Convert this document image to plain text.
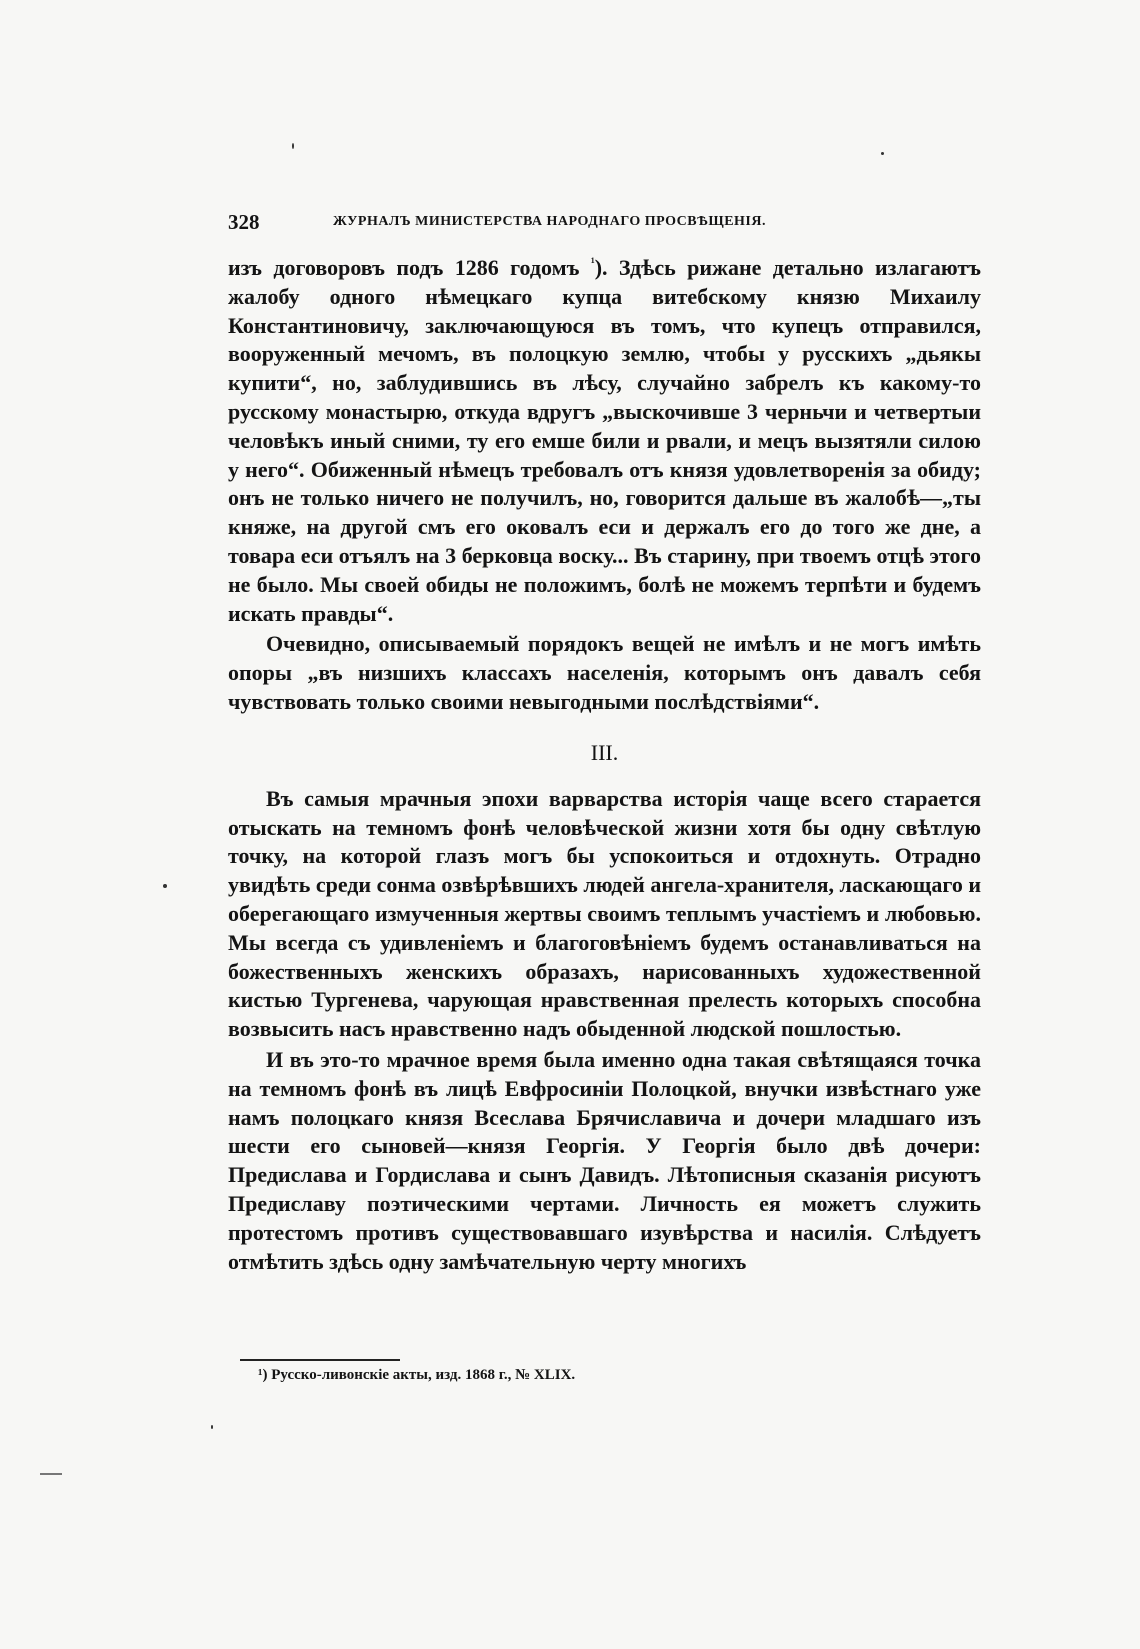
328	ЖУРНАЛЪ МИНИСТЕРСТВА НАРОДНАГО ПРОСВѢЩЕНІЯ.

изъ договоровъ подъ 1286 годомъ $^{^1}$). Здѣсь рижане детально излагаютъ жалобу одного нѣмецкаго купца витебскому князю Михаилу Константиновичу, заключающуюся въ томъ, что купецъ отправился, вооруженный мечомъ, въ полоцкую землю, чтобы у русскихъ „дьякы купити“, но, заблудившись въ лѣсу, случайно забрелъ къ какому-то русскому монастырю, откуда вдругъ „выскочивше 3 черньчи и четвертыи человѣкъ иный сними, ту его емше били и рвали, и мецъ вызятяли силою у него“. Обиженный нѣмецъ требовалъ отъ князя удовлетворенія за обиду; онъ не только ничего не получилъ, но, говорится дальше въ жалобѣ—„ты княже, на другой смъ его оковалъ еси и держалъ его до того же дне, а товара еси отъялъ на 3 берковца воску... Въ старину, при твоемъ отцѣ этого не было. Мы своей обиды не положимъ, болѣ не можемъ терпѣти и будемъ искать правды“.

Очевидно, описываемый порядокъ вещей не имѣлъ и не могъ имѣть опоры „въ низшихъ классахъ населенія, которымъ онъ давалъ себя чувствовать только своими невыгодными послѣдствіями“.

III.

Въ самыя мрачныя эпохи варварства исторія чаще всего старается отыскать на темномъ фонѣ человѣческой жизни хотя бы одну свѣтлую точку, на которой глазъ могъ бы успокоиться и отдохнуть. Отрадно увидѣть среди сонма озвѣрѣвшихъ людей ангела-хранителя, ласкающаго и оберегающаго измученныя жертвы своимъ теплымъ участіемъ и любовью. Мы всегда съ удивленіемъ и благоговѣніемъ будемъ останавливаться на божественныхъ женскихъ образахъ, нарисованныхъ художественной кистью Тургенева, чарующая нравственная прелесть которыхъ способна возвысить насъ нравственно надъ обыденной людской пошлостью.

И въ это-то мрачное время была именно одна такая свѣтящаяся точка на темномъ фонѣ въ лицѣ Евфросиніи Полоцкой, внучки извѣстнаго уже намъ полоцкаго князя Всеслава Брячиславича и дочери младшаго изъ шести его сыновей—князя Георгія. У Георгія было двѣ дочери: Предислава и Гордислава и сынъ Давидъ. Лѣтописныя сказанія рисуютъ Предиславу поэтическими чертами. Личность ея можетъ служить протестомъ противъ существовавшаго изувѣрства и насилія. Слѣдуетъ отмѣтить здѣсь одну замѣчательную черту многихъ

¹) Русско-ливонскіе акты, изд. 1868 г., № XLIX.
